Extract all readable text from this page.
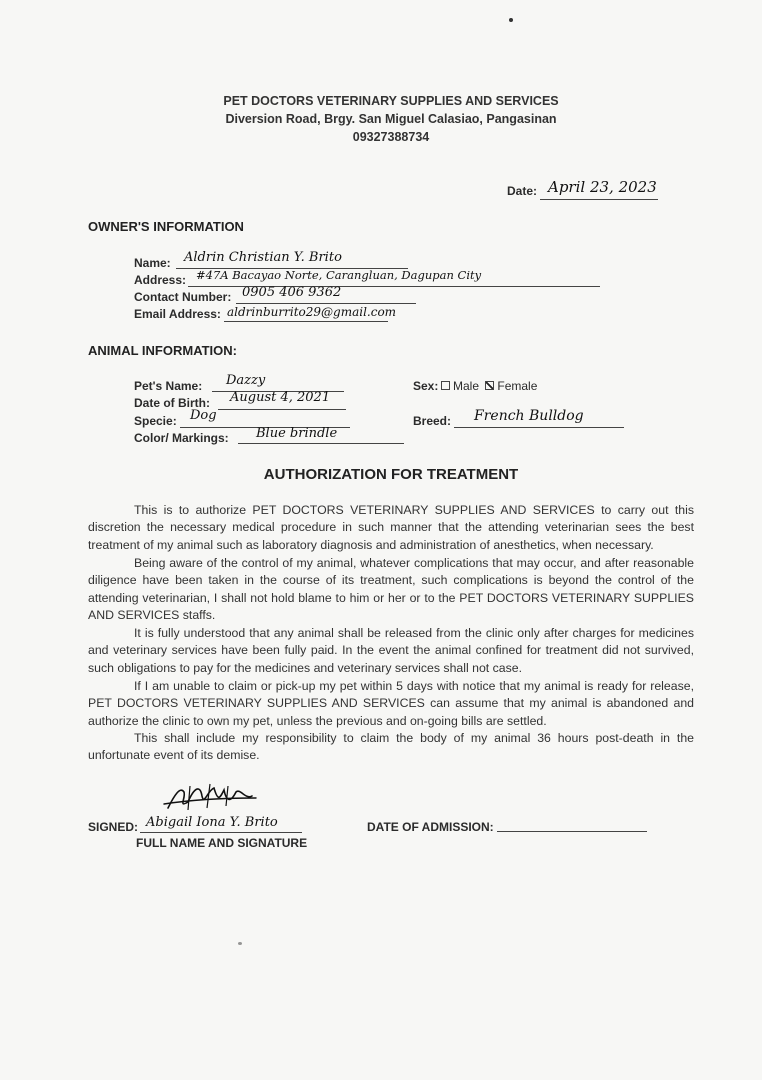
PET DOCTORS VETERINARY SUPPLIES AND SERVICES
Diversion Road, Brgy. San Miguel Calasiao, Pangasinan
09327388734
Date: April 23, 2023
OWNER'S INFORMATION
Name: Aldrin Christian Y. Brito
Address: #47A Bacayao Norte, Carangluan, Dagupan City
Contact Number: 0905 406 9362
Email Address: aldrinburrito29@gmail.com
ANIMAL INFORMATION:
Pet's Name: Dazzy
Date of Birth: August 4, 2021
Specie: Dog
Color/ Markings: Blue brindle
Sex:	Male Female
Breed: French Bulldog
AUTHORIZATION FOR TREATMENT
This is to authorize PET DOCTORS VETERINARY SUPPLIES AND SERVICES to carry out this discretion the necessary medical procedure in such manner that the attending veterinarian sees the best treatment of my animal such as laboratory diagnosis and administration of anesthetics, when necessary.
Being aware of the control of my animal, whatever complications that may occur, and after reasonable diligence have been taken in the course of its treatment, such complications is beyond the control of the attending veterinarian, I shall not hold blame to him or her or to the PET DOCTORS VETERINARY SUPPLIES AND SERVICES staffs.
It is fully understood that any animal shall be released from the clinic only after charges for medicines and veterinary services have been fully paid. In the event the animal confined for treatment did not survived, such obligations to pay for the medicines and veterinary services shall not case.
If I am unable to claim or pick-up my pet within 5 days with notice that my animal is ready for release, PET DOCTORS VETERINARY SUPPLIES AND SERVICES can assume that my animal is abandoned and authorize the clinic to own my pet, unless the previous and on-going bills are settled.
This shall include my responsibility to claim the body of my animal 36 hours post-death in the unfortunate event of its demise.
SIGNED: Abigail Iona Y. Brito
FULL NAME AND SIGNATURE
DATE OF ADMISSION:
